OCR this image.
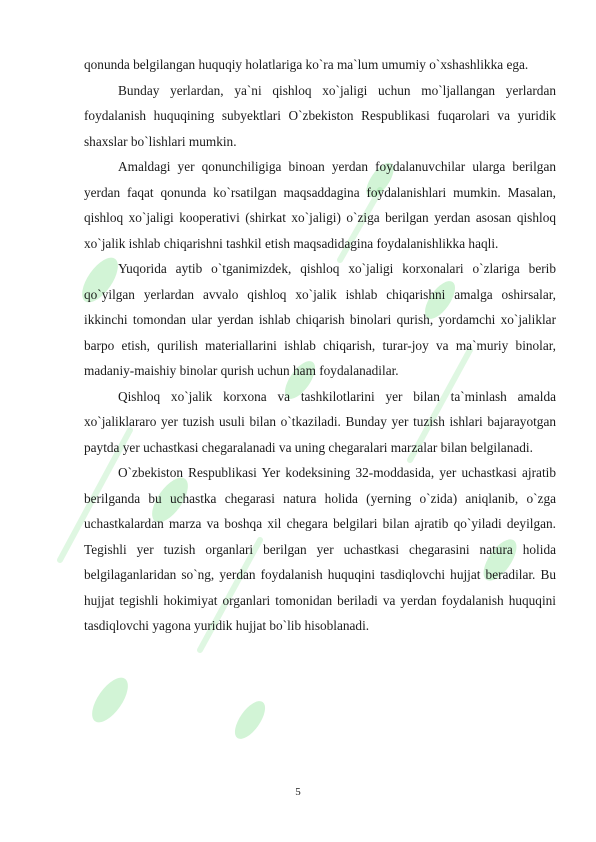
qonunda belgilangan huquqiy holatlariga ko`ra ma`lum umumiy o`xshashlikka ega.

Bunday yerlardan, ya`ni qishloq xo`jaligi uchun mo`ljallangan yerlardan foydalanish huquqining subyektlari O`zbekiston Respublikasi fuqarolari va yuridik shaxslar bo`lishlari mumkin.

Amaldagi yer qonunchiligiga binoan yerdan foydalanuvchilar ularga berilgan yerdan faqat qonunda ko`rsatilgan maqsaddagina foydalanishlari mumkin. Masalan, qishloq xo`jaligi kooperativi (shirkat xo`jaligi) o`ziga berilgan yerdan asosan qishloq xo`jalik ishlab chiqarishni tashkil etish maqsadidagina foydalanishlikka haqli.

Yuqorida aytib o`tganimizdek, qishloq xo`jaligi korxonalari o`zlariga berib qo`yilgan yerlardan avvalo qishloq xo`jalik ishlab chiqarishni amalga oshirsalar, ikkinchi tomondan ular yerdan ishlab chiqarish binolari qurish, yordamchi xo`jaliklar barpo etish, qurilish materiallarini ishlab chiqarish, turar-joy va ma`muriy binolar, madaniy-maishiy binolar qurish uchun ham foydalanadilar.

Qishloq xo`jalik korxona va tashkilotlarini yer bilan ta`minlash amalda xo`jaliklararo yer tuzish usuli bilan o`tkaziladi. Bunday yer tuzish ishlari bajarayotgan paytda yer uchastkasi chegaralanadi va uning chegaralari marzalar bilan belgilanadi.

O`zbekiston Respublikasi Yer kodeksining 32-moddasida, yer uchastkasi ajratib berilganda bu uchastka chegarasi natura holida (yerning o`zida) aniqlanib, o`zga uchastkalardan marza va boshqa xil chegara belgilari bilan ajratib qo`yiladi deyilgan. Tegishli yer tuzish organlari berilgan yer uchastkasi chegarasini natura holida belgilaganlaridan so`ng, yerdan foydalanish huquqini tasdiqlovchi hujjat beradilar. Bu hujjat tegishli hokimiyat organlari tomonidan beriladi va yerdan foydalanish huquqini tasdiqlovchi yagona yuridik hujjat bo`lib hisoblanadi.

5
